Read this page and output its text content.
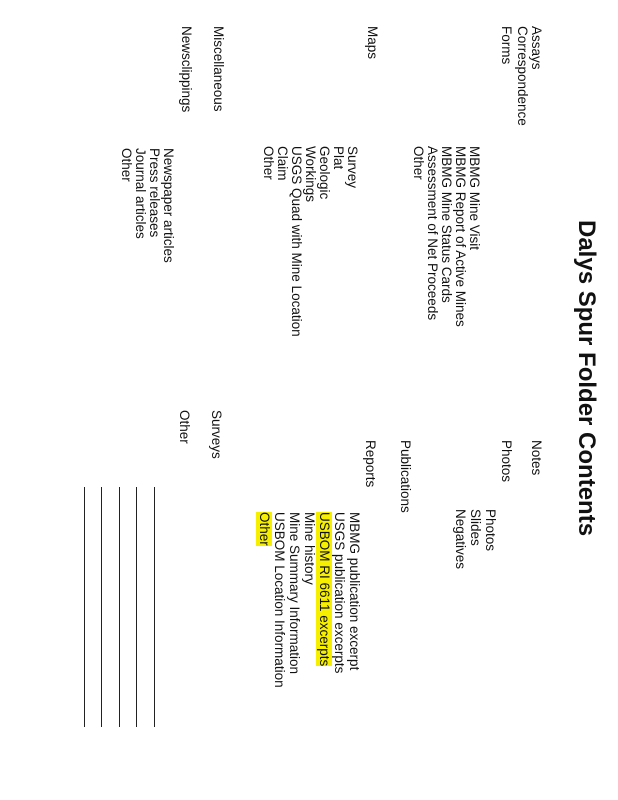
Dalys Spur Folder Contents
Assays
Correspondence
Forms
MBMG Mine Visit
MBMG Report of Active Mines
MBMG Mine Status Cards
Assessment of Net Proceeds
Other
Maps
Survey
Plat
Geologic
Workings
USGS Quad with Mine Location
Claim
Other
Miscellaneous
Newsclippings
Newspaper articles
Press releases
Journal articles
Other
Notes
Photos
Photos
Slides
Negatives
Publications
Reports
MBMG publication excerpt
USGS publication excerpts
USBOM RI 6611 excerpts
Mine history
Mine Summary Information
USBOM Location Information
Other
Surveys
Other
